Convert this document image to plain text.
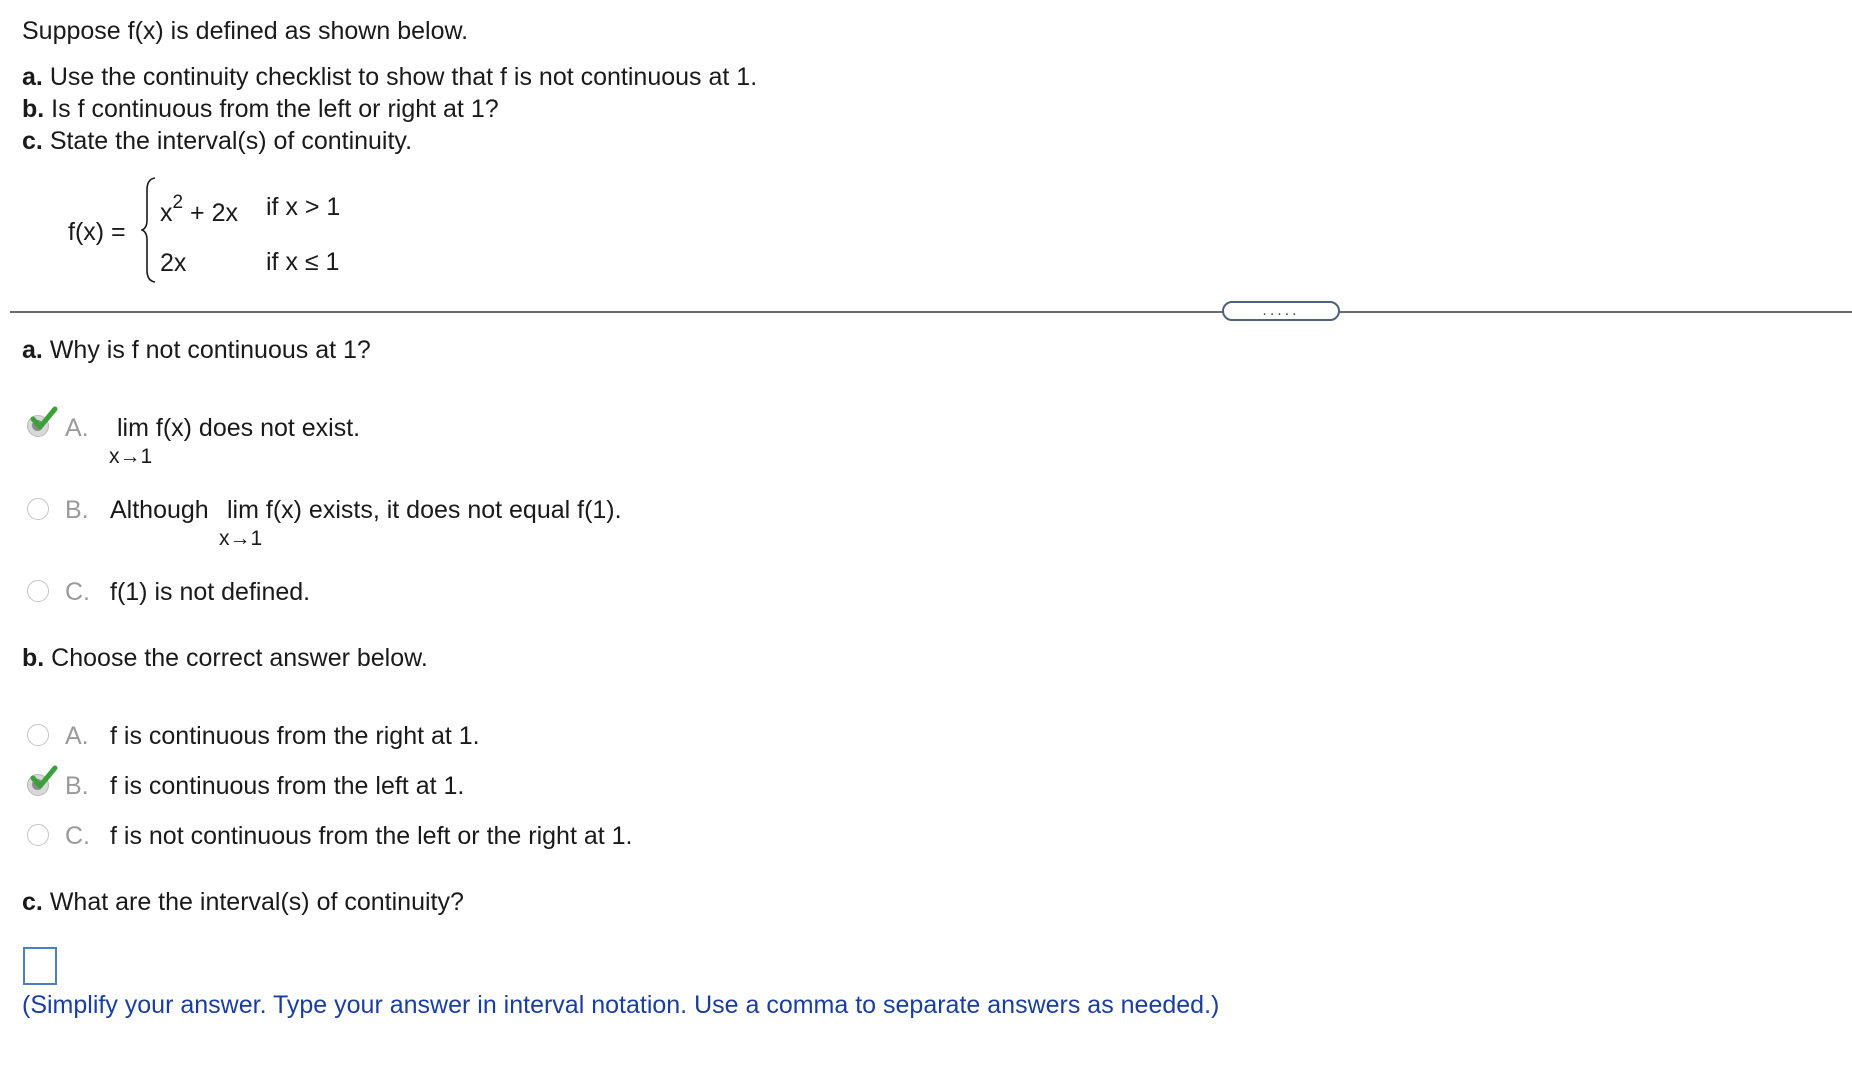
Suppose f(x) is defined as shown below.
a. Use the continuity checklist to show that f is not continuous at 1.
b. Is f continuous from the left or right at 1?
c. State the interval(s) of continuity.
f(x) =
$x^2 + 2x$ if x > 1
2x	if x ≤ 1
.....
a. Why is f not continuous at 1?
A. lim f(x) does not exist.
x→1
B. Although lim f(x) exists, it does not equal f(1).
x→1
C. f(1) is not defined.
b. Choose the correct answer below.
A. f is continuous from the right at 1.
B. f is continuous from the left at 1.
C. f is not continuous from the left or the right at 1.
c. What are the interval(s) of continuity?
(Simplify your answer. Type your answer in interval notation. Use a comma to separate answers as needed.)
